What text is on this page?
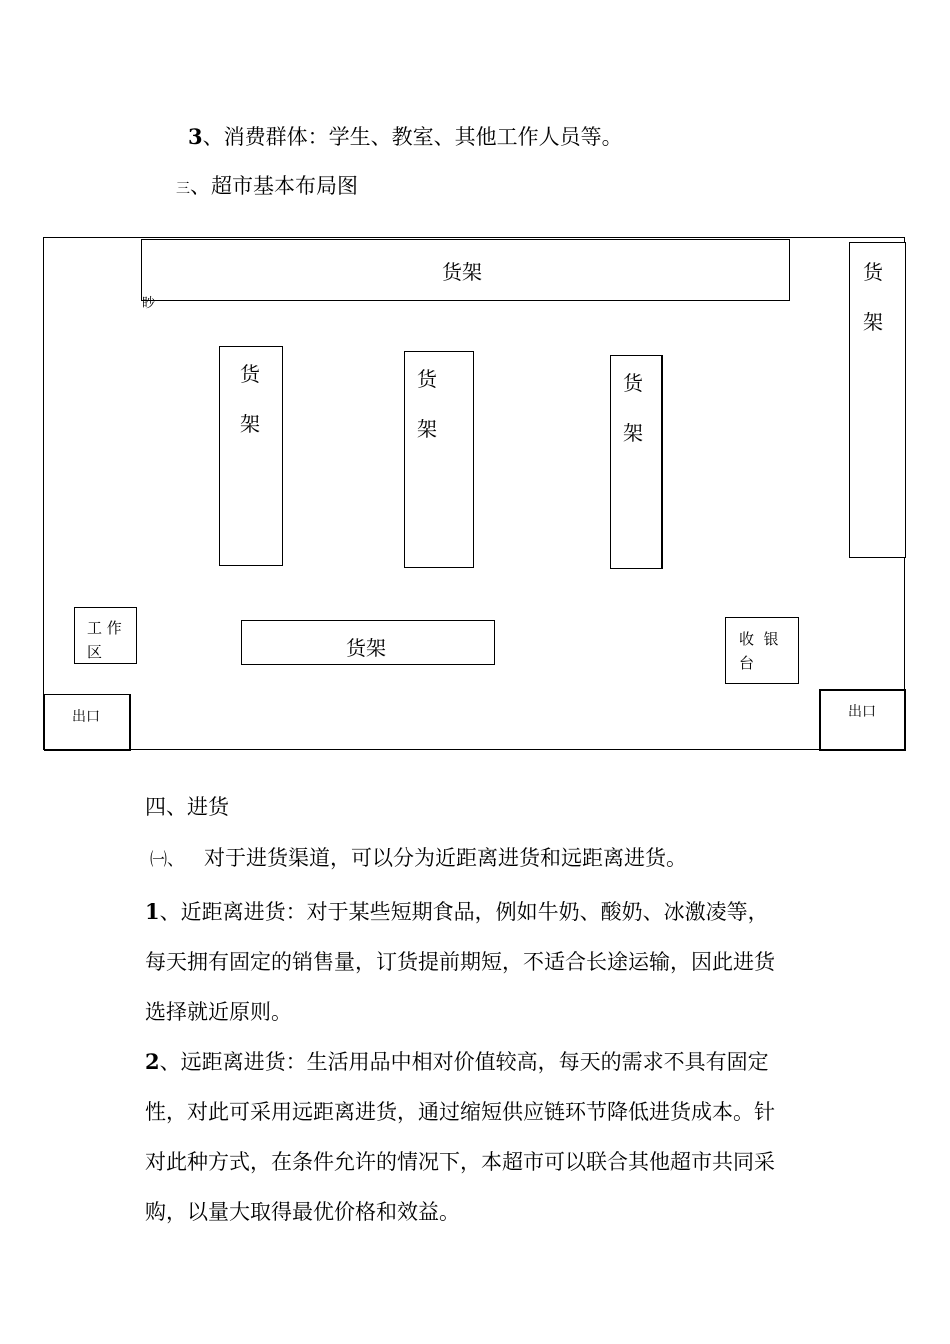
3、消费群体：学生、教室、其他工作人员等。
三、超市基本布局图
货架
眇
货
架
货
架
货
架
货
架
工 作
区	货架	收  银
台
出口	出口
四、进货
㈠、 对于进货渠道，可以分为近距离进货和远距离进货。
1、近距离进货：对于某些短期食品，例如牛奶、酸奶、冰激凌等，
每天拥有固定的销售量，订货提前期短，不适合长途运输，因此进货
选择就近原则。
2、远距离进货：生活用品中相对价值较高，每天的需求不具有固定
性，对此可采用远距离进货，通过缩短供应链环节降低进货成本。针
对此种方式，在条件允许的情况下，本超市可以联合其他超市共同采
购，以量大取得最优价格和效益。
